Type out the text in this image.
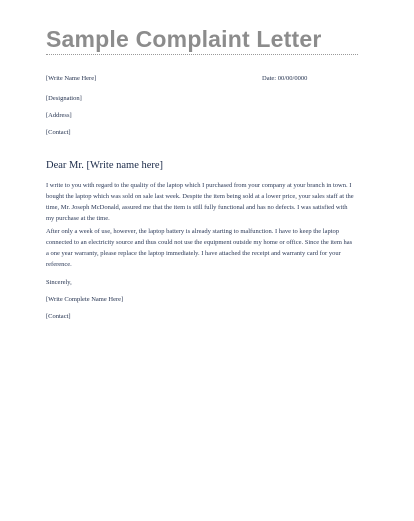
Sample Complaint Letter
[Write Name Here]	Date: 00/00/0000
[Designation]
[Address]
[Contact]
Dear Mr. [Write name here]

I write to you with regard to the quality of the laptop which I purchased from your company at your branch in town. I bought the laptop which was sold on sale last week. Despite the item being sold at a lower price, your sales staff at the time, Mr. Joseph McDonald, assured me that the item is still fully functional and has no defects. I was satisfied with my purchase at the time.

After only a week of use, however, the laptop battery is already starting to malfunction. I have to keep the laptop connected to an electricity source and thus could not use the equipment outside my home or office. Since the item has a one year warranty, please replace the laptop immediately. I have attached the receipt and warranty card for your reference.

Sincerely,
[Write Complete Name Here]
[Contact]
